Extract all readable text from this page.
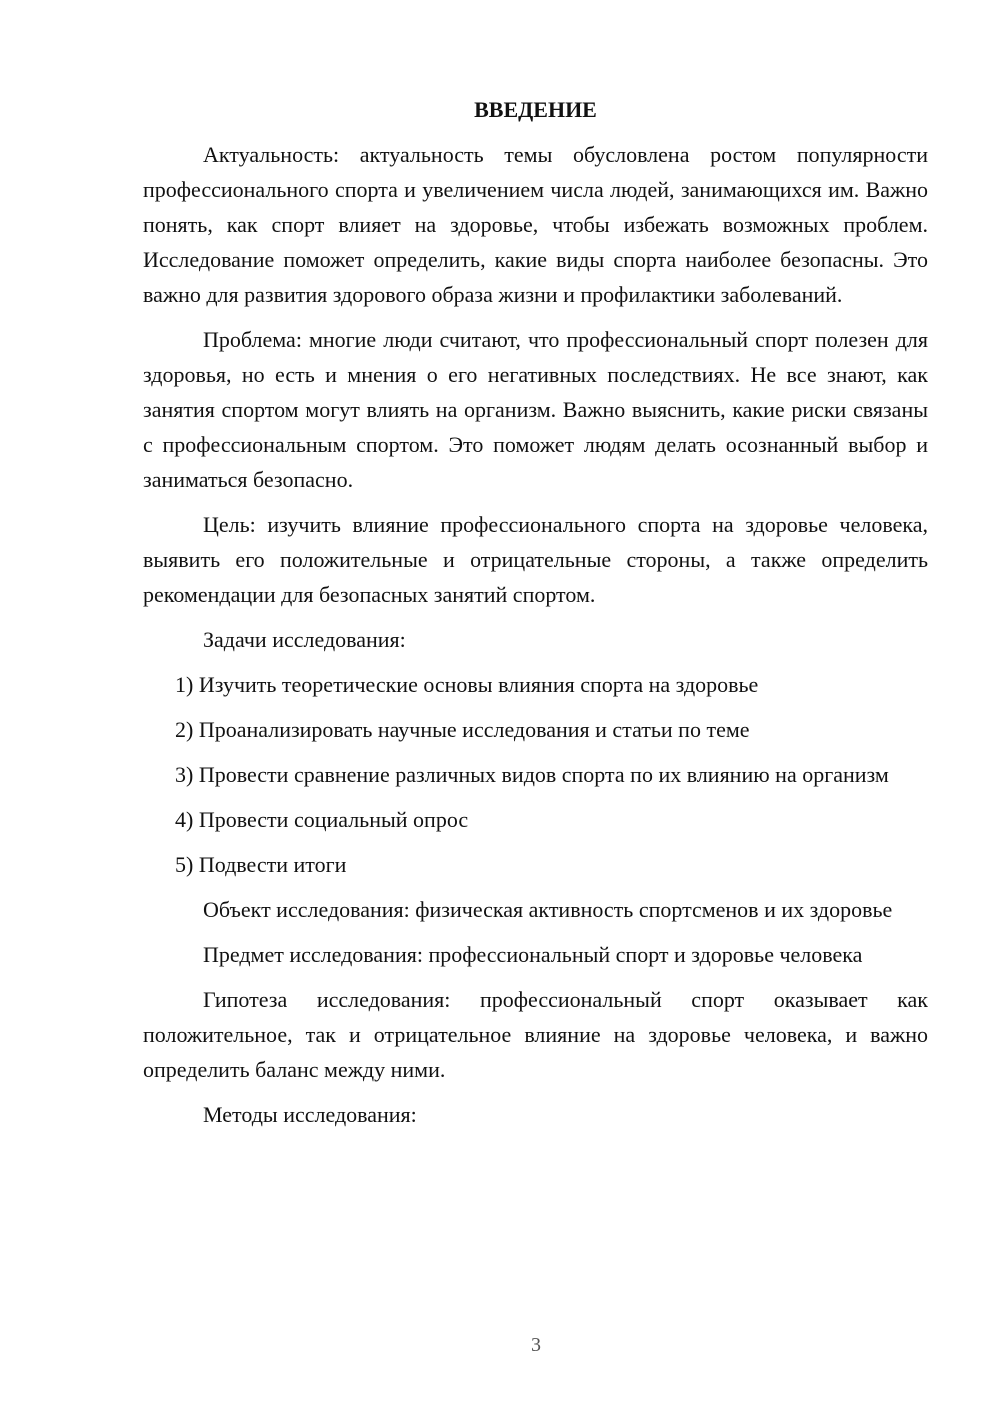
ВВЕДЕНИЕ

Актуальность: актуальность темы обусловлена ростом популярности профессионального спорта и увеличением числа людей, занимающихся им. Важно понять, как спорт влияет на здоровье, чтобы избежать возможных проблем. Исследование поможет определить, какие виды спорта наиболее безопасны. Это важно для развития здорового образа жизни и профилактики заболеваний.

Проблема: многие люди считают, что профессиональный спорт полезен для здоровья, но есть и мнения о его негативных последствиях. Не все знают, как занятия спортом могут влиять на организм. Важно выяснить, какие риски связаны с профессиональным спортом. Это поможет людям делать осознанный выбор и заниматься безопасно.

Цель: изучить влияние профессионального спорта на здоровье человека, выявить его положительные и отрицательные стороны, а также определить рекомендации для безопасных занятий спортом.

Задачи исследования:

1) Изучить теоретические основы влияния спорта на здоровье

2) Проанализировать научные исследования и статьи по теме

3) Провести сравнение различных видов спорта по их влиянию на организм

4) Провести социальный опрос

5) Подвести итоги

Объект исследования: физическая активность спортсменов и их здоровье

Предмет исследования: профессиональный спорт и здоровье человека

Гипотеза исследования: профессиональный спорт оказывает как положительное, так и отрицательное влияние на здоровье человека, и важно определить баланс между ними.

Методы исследования:

3
